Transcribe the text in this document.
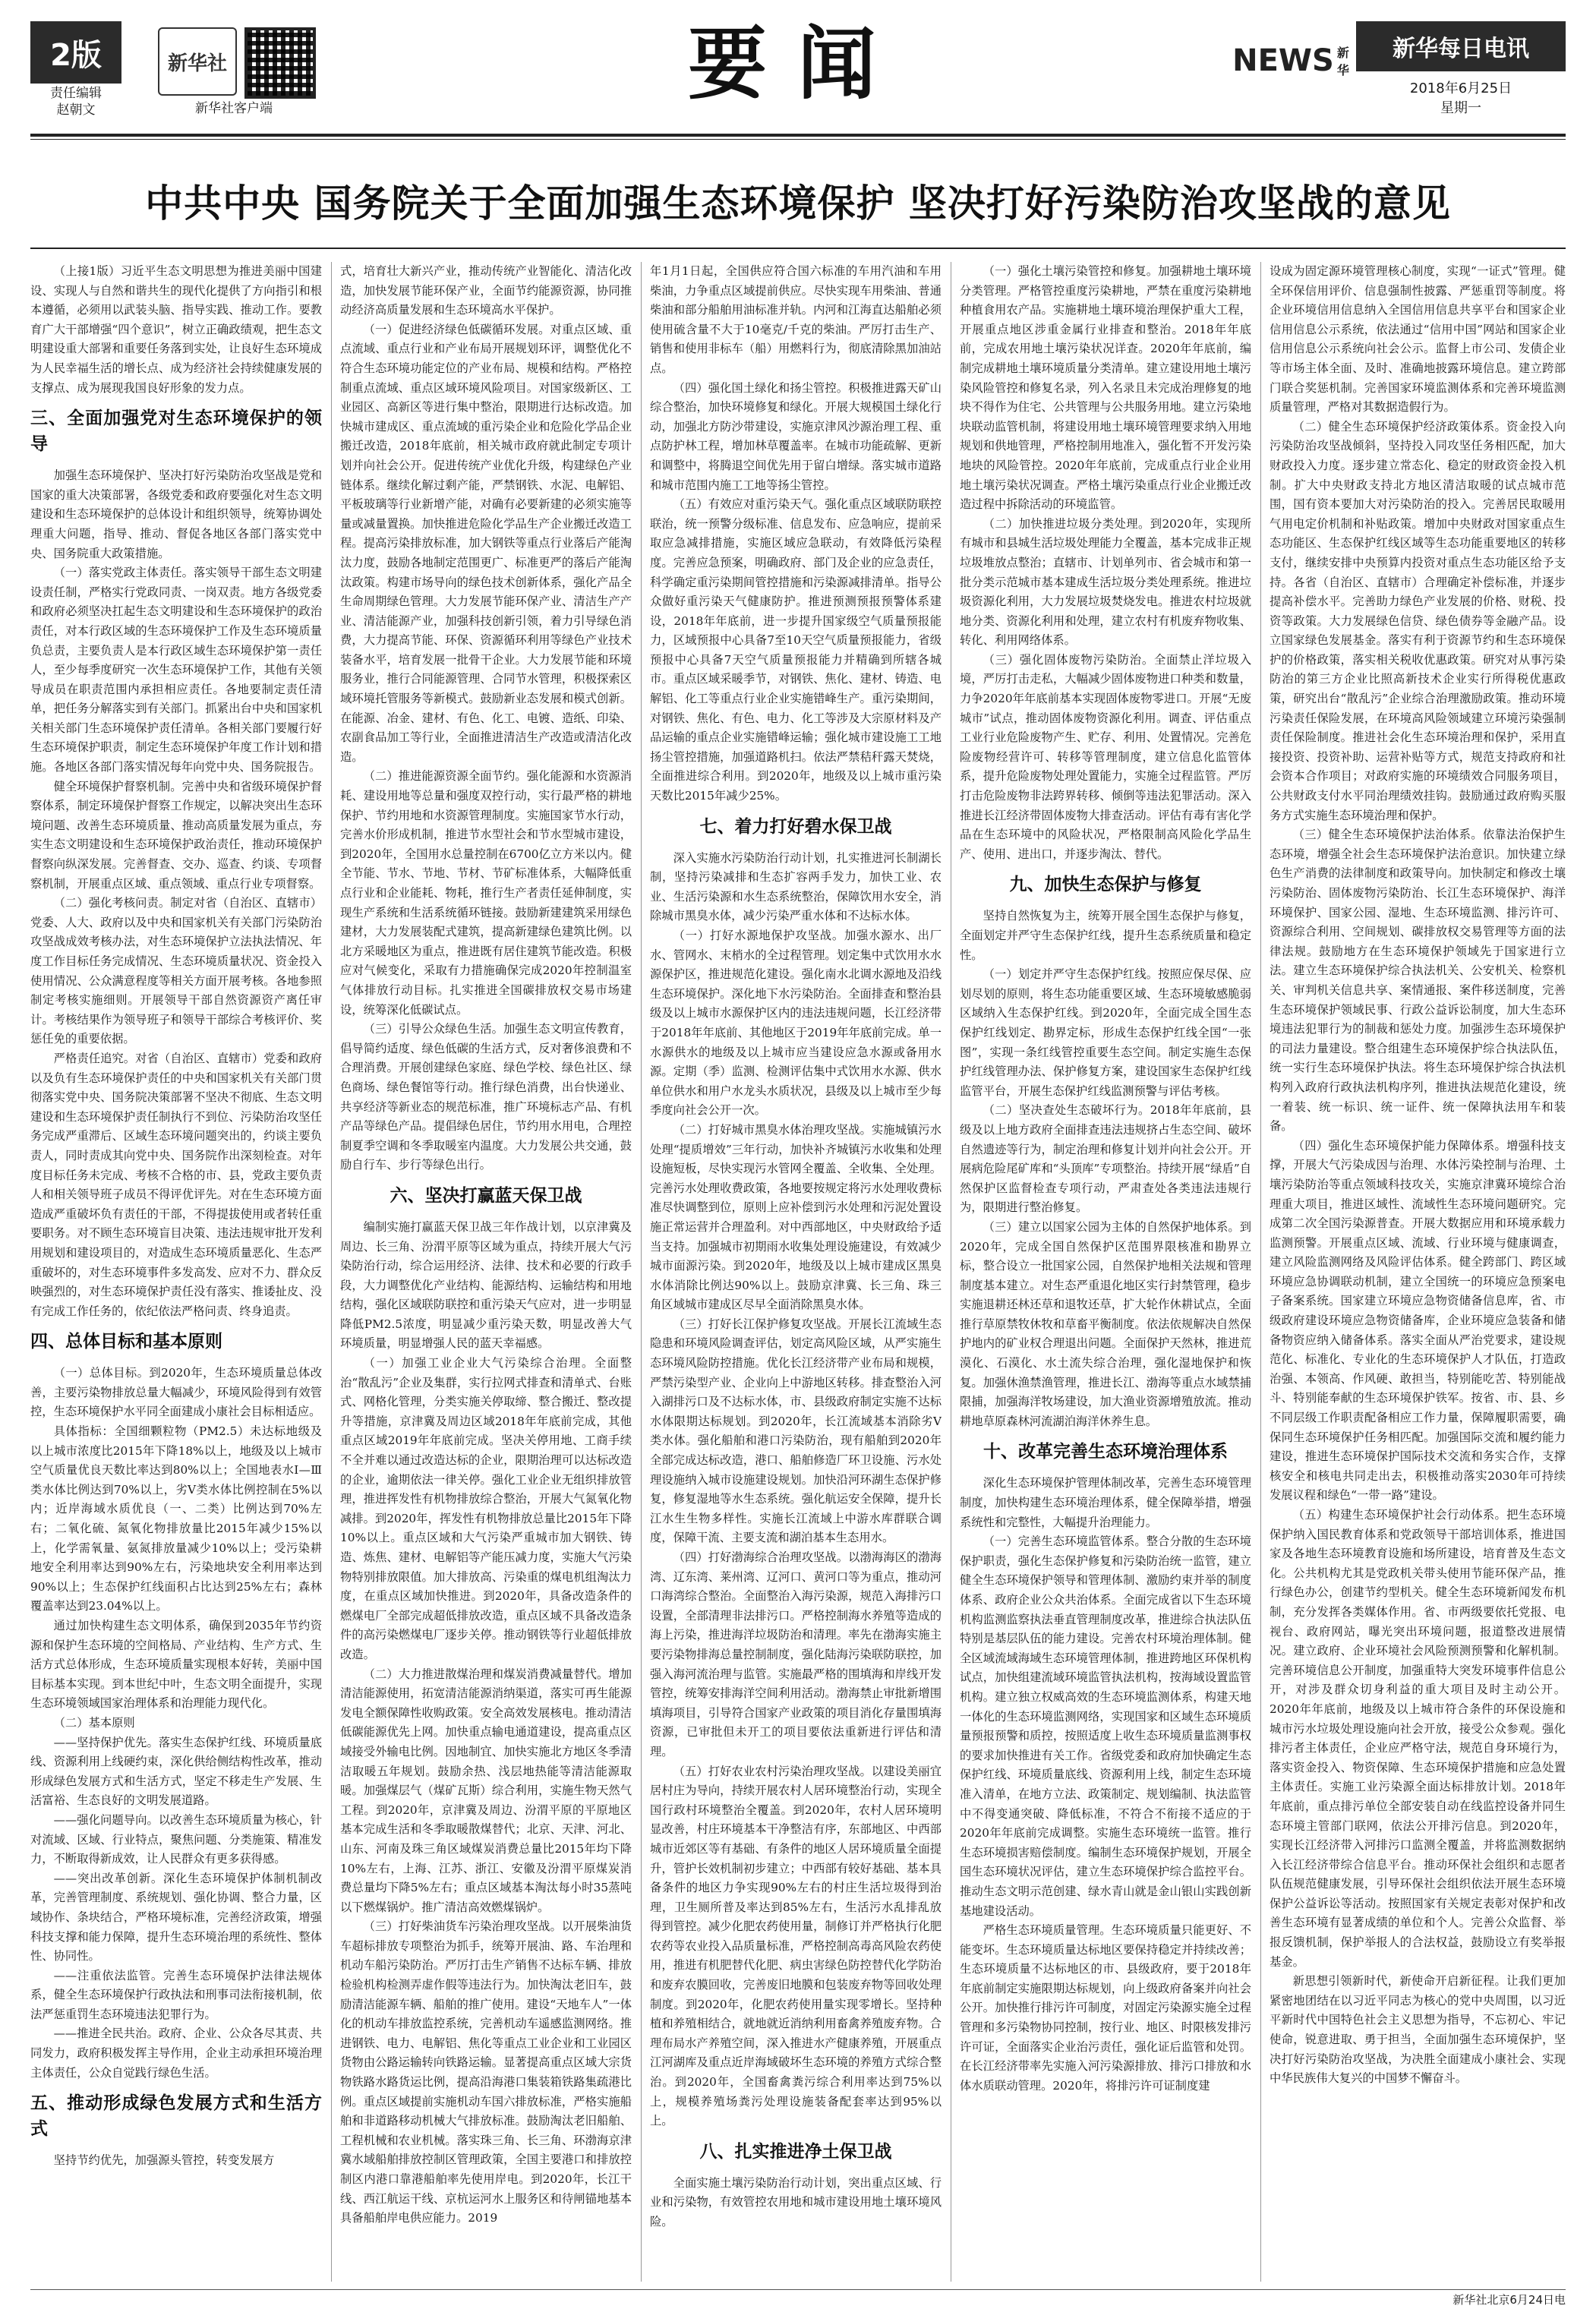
2版
责任编辑
赵朝文
新华社
新华社客户端	要闻	NEWS 新华
新华每日电讯
2018年6月25日
星期一
中共中央 国务院关于全面加强生态环境保护 坚决打好污染防治攻坚战的意见

（上接1版）习近平生态文明思想为推进美丽中国建设、实现人与自然和谐共生的现代化提供了方向指引和根本遵循，必须用以武装头脑、指导实践、推动工作。要教育广大干部增强“四个意识”，树立正确政绩观，把生态文明建设重大部署和重要任务落到实处，让良好生态环境成为人民幸福生活的增长点、成为经济社会持续健康发展的支撑点、成为展现我国良好形象的发力点。

三、全面加强党对生态环境保护的领导

加强生态环境保护、坚决打好污染防治攻坚战是党和国家的重大决策部署，各级党委和政府要强化对生态文明建设和生态环境保护的总体设计和组织领导，统筹协调处理重大问题，指导、推动、督促各地区各部门落实党中央、国务院重大政策措施。

（一）落实党政主体责任。落实领导干部生态文明建设责任制，严格实行党政同责、一岗双责。地方各级党委和政府必须坚决扛起生态文明建设和生态环境保护的政治责任，对本行政区域的生态环境保护工作及生态环境质量负总责，主要负责人是本行政区域生态环境保护第一责任人，至少每季度研究一次生态环境保护工作，其他有关领导成员在职责范围内承担相应责任。各地要制定责任清单，把任务分解落实到有关部门。抓紧出台中央和国家机关相关部门生态环境保护责任清单。各相关部门要履行好生态环境保护职责，制定生态环境保护年度工作计划和措施。各地区各部门落实情况每年向党中央、国务院报告。

健全环境保护督察机制。完善中央和省级环境保护督察体系，制定环境保护督察工作规定，以解决突出生态环境问题、改善生态环境质量、推动高质量发展为重点，夯实生态文明建设和生态环境保护政治责任，推动环境保护督察向纵深发展。完善督查、交办、巡查、约谈、专项督察机制，开展重点区域、重点领域、重点行业专项督察。

（二）强化考核问责。制定对省（自治区、直辖市）党委、人大、政府以及中央和国家机关有关部门污染防治攻坚战成效考核办法，对生态环境保护立法执法情况、年度工作目标任务完成情况、生态环境质量状况、资金投入使用情况、公众满意程度等相关方面开展考核。各地参照制定考核实施细则。开展领导干部自然资源资产离任审计。考核结果作为领导班子和领导干部综合考核评价、奖惩任免的重要依据。

严格责任追究。对省（自治区、直辖市）党委和政府以及负有生态环境保护责任的中央和国家机关有关部门贯彻落实党中央、国务院决策部署不坚决不彻底、生态文明建设和生态环境保护责任制执行不到位、污染防治攻坚任务完成严重滞后、区域生态环境问题突出的，约谈主要负责人，同时责成其向党中央、国务院作出深刻检查。对年度目标任务未完成、考核不合格的市、县，党政主要负责人和相关领导班子成员不得评优评先。对在生态环境方面造成严重破坏负有责任的干部，不得提拔使用或者转任重要职务。对不顾生态环境盲目决策、违法违规审批开发利用规划和建设项目的，对造成生态环境质量恶化、生态严重破坏的，对生态环境事件多发高发、应对不力、群众反映强烈的，对生态环境保护责任没有落实、推诿扯皮、没有完成工作任务的，依纪依法严格问责、终身追责。

四、总体目标和基本原则

（一）总体目标。到2020年，生态环境质量总体改善，主要污染物排放总量大幅减少，环境风险得到有效管控，生态环境保护水平同全面建成小康社会目标相适应。

具体指标：全国细颗粒物（PM2.5）未达标地级及以上城市浓度比2015年下降18%以上，地级及以上城市空气质量优良天数比率达到80%以上；全国地表水Ⅰ—Ⅲ类水体比例达到70%以上，劣Ⅴ类水体比例控制在5%以内；近岸海域水质优良（一、二类）比例达到70%左右；二氧化硫、氮氧化物排放量比2015年减少15%以上，化学需氧量、氨氮排放量减少10%以上；受污染耕地安全利用率达到90%左右，污染地块安全利用率达到90%以上；生态保护红线面积占比达到25%左右；森林覆盖率达到23.04%以上。

通过加快构建生态文明体系，确保到2035年节约资源和保护生态环境的空间格局、产业结构、生产方式、生活方式总体形成，生态环境质量实现根本好转，美丽中国目标基本实现。到本世纪中叶，生态文明全面提升，实现生态环境领域国家治理体系和治理能力现代化。

（二）基本原则

——坚持保护优先。落实生态保护红线、环境质量底线、资源利用上线硬约束，深化供给侧结构性改革，推动形成绿色发展方式和生活方式，坚定不移走生产发展、生活富裕、生态良好的文明发展道路。

——强化问题导向。以改善生态环境质量为核心，针对流域、区域、行业特点，聚焦问题、分类施策、精准发力，不断取得新成效，让人民群众有更多获得感。

——突出改革创新。深化生态环境保护体制机制改革，完善管理制度、系统规划、强化协调、整合力量，区域协作、条块结合，严格环境标准，完善经济政策，增强科技支撑和能力保障，提升生态环境治理的系统性、整体性、协同性。

——注重依法监管。完善生态环境保护法律法规体系，健全生态环境保护行政执法和刑事司法衔接机制，依法严惩重罚生态环境违法犯罪行为。

——推进全民共治。政府、企业、公众各尽其责、共同发力，政府积极发挥主导作用，企业主动承担环境治理主体责任，公众自觉践行绿色生活。

五、推动形成绿色发展方式和生活方式

坚持节约优先，加强源头管控，转变发展方

式，培育壮大新兴产业，推动传统产业智能化、清洁化改造，加快发展节能环保产业，全面节约能源资源，协同推动经济高质量发展和生态环境高水平保护。

（一）促进经济绿色低碳循环发展。对重点区域、重点流域、重点行业和产业布局开展规划环评，调整优化不符合生态环境功能定位的产业布局、规模和结构。严格控制重点流域、重点区域环境风险项目。对国家级新区、工业园区、高新区等进行集中整治，限期进行达标改造。加快城市建成区、重点流域的重污染企业和危险化学品企业搬迁改造，2018年底前，相关城市政府就此制定专项计划并向社会公开。促进传统产业优化升级，构建绿色产业链体系。继续化解过剩产能，严禁钢铁、水泥、电解铝、平板玻璃等行业新增产能，对确有必要新建的必须实施等量或减量置换。加快推进危险化学品生产企业搬迁改造工程。提高污染排放标准，加大钢铁等重点行业落后产能淘汰力度，鼓励各地制定范围更广、标准更严的落后产能淘汰政策。构建市场导向的绿色技术创新体系，强化产品全生命周期绿色管理。大力发展节能环保产业、清洁生产产业、清洁能源产业，加强科技创新引领，着力引导绿色消费，大力提高节能、环保、资源循环利用等绿色产业技术装备水平，培育发展一批骨干企业。大力发展节能和环境服务业，推行合同能源管理、合同节水管理，积极探索区域环境托管服务等新模式。鼓励新业态发展和模式创新。在能源、冶金、建材、有色、化工、电镀、造纸、印染、农副食品加工等行业，全面推进清洁生产改造或清洁化改造。

（二）推进能源资源全面节约。强化能源和水资源消耗、建设用地等总量和强度双控行动，实行最严格的耕地保护、节约用地和水资源管理制度。实施国家节水行动，完善水价形成机制，推进节水型社会和节水型城市建设，到2020年，全国用水总量控制在6700亿立方米以内。健全节能、节水、节地、节材、节矿标准体系，大幅降低重点行业和企业能耗、物耗，推行生产者责任延伸制度，实现生产系统和生活系统循环链接。鼓励新建建筑采用绿色建材，大力发展装配式建筑，提高新建绿色建筑比例。以北方采暖地区为重点，推进既有居住建筑节能改造。积极应对气候变化，采取有力措施确保完成2020年控制温室气体排放行动目标。扎实推进全国碳排放权交易市场建设，统筹深化低碳试点。

（三）引导公众绿色生活。加强生态文明宣传教育，倡导简约适度、绿色低碳的生活方式，反对奢侈浪费和不合理消费。开展创建绿色家庭、绿色学校、绿色社区、绿色商场、绿色餐馆等行动。推行绿色消费，出台快递业、共享经济等新业态的规范标准，推广环境标志产品、有机产品等绿色产品。提倡绿色居住，节约用水用电，合理控制夏季空调和冬季取暖室内温度。大力发展公共交通，鼓励自行车、步行等绿色出行。

六、坚决打赢蓝天保卫战

编制实施打赢蓝天保卫战三年作战计划，以京津冀及周边、长三角、汾渭平原等区域为重点，持续开展大气污染防治行动，综合运用经济、法律、技术和必要的行政手段，大力调整优化产业结构、能源结构、运输结构和用地结构，强化区域联防联控和重污染天气应对，进一步明显降低PM2.5浓度，明显减少重污染天数，明显改善大气环境质量，明显增强人民的蓝天幸福感。

（一）加强工业企业大气污染综合治理。全面整治“散乱污”企业及集群，实行拉网式排查和清单式、台账式、网格化管理，分类实施关停取缔、整合搬迁、整改提升等措施，京津冀及周边区域2018年年底前完成，其他重点区域2019年年底前完成。坚决关停用地、工商手续不全并难以通过改造达标的企业，限期治理可以达标改造的企业，逾期依法一律关停。强化工业企业无组织排放管理，推进挥发性有机物排放综合整治，开展大气氮氧化物减排。到2020年，挥发性有机物排放总量比2015年下降10%以上。重点区域和大气污染严重城市加大钢铁、铸造、炼焦、建材、电解铝等产能压减力度，实施大气污染物特别排放限值。加大排放高、污染重的煤电机组淘汰力度，在重点区域加快推进。到2020年，具备改造条件的燃煤电厂全部完成超低排放改造，重点区域不具备改造条件的高污染燃煤电厂逐步关停。推动钢铁等行业超低排放改造。

（二）大力推进散煤治理和煤炭消费减量替代。增加清洁能源使用，拓宽清洁能源消纳渠道，落实可再生能源发电全额保障性收购政策。安全高效发展核电。推动清洁低碳能源优先上网。加快重点输电通道建设，提高重点区域接受外输电比例。因地制宜、加快实施北方地区冬季清洁取暖五年规划。鼓励余热、浅层地热能等清洁能源取暖。加强煤层气（煤矿瓦斯）综合利用，实施生物天然气工程。到2020年，京津冀及周边、汾渭平原的平原地区基本完成生活和冬季取暖散煤替代；北京、天津、河北、山东、河南及珠三角区域煤炭消费总量比2015年均下降10%左右，上海、江苏、浙江、安徽及汾渭平原煤炭消费总量均下降5%左右；重点区域基本淘汰每小时35蒸吨以下燃煤锅炉。推广清洁高效燃煤锅炉。

（三）打好柴油货车污染治理攻坚战。以开展柴油货车超标排放专项整治为抓手，统筹开展油、路、车治理和机动车船污染防治。严厉打击生产销售不达标车辆、排放检验机构检测弄虚作假等违法行为。加快淘汰老旧车，鼓励清洁能源车辆、船舶的推广使用。建设“天地车人”一体化的机动车排放监控系统，完善机动车遥感监测网络。推进钢铁、电力、电解铝、焦化等重点工业企业和工业园区货物由公路运输转向铁路运输。显著提高重点区域大宗货物铁路水路货运比例，提高沿海港口集装箱铁路集疏港比例。重点区域提前实施机动车国六排放标准，严格实施船舶和非道路移动机械大气排放标准。鼓励淘汰老旧船舶、工程机械和农业机械。落实珠三角、长三角、环渤海京津冀水域船舶排放控制区管理政策，全国主要港口和排放控制区内港口靠港船舶率先使用岸电。到2020年，长江干线、西江航运干线、京杭运河水上服务区和待闸锚地基本具备船舶岸电供应能力。2019

年1月1日起，全国供应符合国六标准的车用汽油和车用柴油，力争重点区域提前供应。尽快实现车用柴油、普通柴油和部分船舶用油标准并轨。内河和江海直达船舶必须使用硫含量不大于10毫克/千克的柴油。严厉打击生产、销售和使用非标车（船）用燃料行为，彻底清除黑加油站点。

（四）强化国土绿化和扬尘管控。积极推进露天矿山综合整治，加快环境修复和绿化。开展大规模国土绿化行动，加强北方防沙带建设，实施京津风沙源治理工程、重点防护林工程，增加林草覆盖率。在城市功能疏解、更新和调整中，将腾退空间优先用于留白增绿。落实城市道路和城市范围内施工工地等扬尘管控。

（五）有效应对重污染天气。强化重点区域联防联控联治，统一预警分级标准、信息发布、应急响应，提前采取应急减排措施，实施区域应急联动，有效降低污染程度。完善应急预案，明确政府、部门及企业的应急责任，科学确定重污染期间管控措施和污染源减排清单。指导公众做好重污染天气健康防护。推进预测预报预警体系建设，2018年年底前，进一步提升国家级空气质量预报能力，区域预报中心具备7至10天空气质量预报能力，省级预报中心具备7天空气质量预报能力并精确到所辖各城市。重点区域采暖季节，对钢铁、焦化、建材、铸造、电解铝、化工等重点行业企业实施错峰生产。重污染期间，对钢铁、焦化、有色、电力、化工等涉及大宗原材料及产品运输的重点企业实施错峰运输；强化城市建设施工工地扬尘管控措施，加强道路机扫。依法严禁秸秆露天焚烧，全面推进综合利用。到2020年，地级及以上城市重污染天数比2015年减少25%。

七、着力打好碧水保卫战

深入实施水污染防治行动计划，扎实推进河长制湖长制，坚持污染减排和生态扩容两手发力，加快工业、农业、生活污染源和水生态系统整治，保障饮用水安全，消除城市黑臭水体，减少污染严重水体和不达标水体。

（一）打好水源地保护攻坚战。加强水源水、出厂水、管网水、末梢水的全过程管理。划定集中式饮用水水源保护区，推进规范化建设。强化南水北调水源地及沿线生态环境保护。深化地下水污染防治。全面排查和整治县级及以上城市水源保护区内的违法违规问题，长江经济带于2018年年底前、其他地区于2019年年底前完成。单一水源供水的地级及以上城市应当建设应急水源或备用水源。定期（季）监测、检测评估集中式饮用水水源、供水单位供水和用户水龙头水质状况，县级及以上城市至少每季度向社会公开一次。

（二）打好城市黑臭水体治理攻坚战。实施城镇污水处理“提质增效”三年行动，加快补齐城镇污水收集和处理设施短板，尽快实现污水管网全覆盖、全收集、全处理。完善污水处理收费政策，各地要按规定将污水处理收费标准尽快调整到位，原则上应补偿到污水处理和污泥处置设施正常运营并合理盈利。对中西部地区，中央财政给予适当支持。加强城市初期雨水收集处理设施建设，有效减少城市面源污染。到2020年，地级及以上城市建成区黑臭水体消除比例达90%以上。鼓励京津冀、长三角、珠三角区域城市建成区尽早全面消除黑臭水体。

（三）打好长江保护修复攻坚战。开展长江流域生态隐患和环境风险调查评估，划定高风险区域，从严实施生态环境风险防控措施。优化长江经济带产业布局和规模，严禁污染型产业、企业向上中游地区转移。排查整治入河入湖排污口及不达标水体，市、县级政府制定实施不达标水体限期达标规划。到2020年，长江流域基本消除劣Ⅴ类水体。强化船舶和港口污染防治，现有船舶到2020年全部完成达标改造，港口、船舶修造厂环卫设施、污水处理设施纳入城市设施建设规划。加快沿河环湖生态保护修复，修复湿地等水生态系统。强化航运安全保障，提升长江水生生物多样性。实施长江流域上中游水库群联合调度，保障干流、主要支流和湖泊基本生态用水。

（四）打好渤海综合治理攻坚战。以渤海海区的渤海湾、辽东湾、莱州湾、辽河口、黄河口等为重点，推动河口海湾综合整治。全面整治入海污染源，规范入海排污口设置，全部清理非法排污口。严格控制海水养殖等造成的海上污染，推进海洋垃圾防治和清理。率先在渤海实施主要污染物排海总量控制制度，强化陆海污染联防联控，加强入海河流治理与监管。实施最严格的围填海和岸线开发管控，统筹安排海洋空间利用活动。渤海禁止审批新增围填海项目，引导符合国家产业政策的项目消化存量围填海资源，已审批但未开工的项目要依法重新进行评估和清理。

（五）打好农业农村污染治理攻坚战。以建设美丽宜居村庄为导向，持续开展农村人居环境整治行动，实现全国行政村环境整治全覆盖。到2020年，农村人居环境明显改善，村庄环境基本干净整洁有序，东部地区、中西部城市近郊区等有基础、有条件的地区人居环境质量全面提升，管护长效机制初步建立；中西部有较好基础、基本具备条件的地区力争实现90%左右的村庄生活垃圾得到治理，卫生厕所普及率达到85%左右，生活污水乱排乱放得到管控。减少化肥农药使用量，制修订并严格执行化肥农药等农业投入品质量标准，严格控制高毒高风险农药使用，推进有机肥替代化肥、病虫害绿色防控替代化学防治和废弃农膜回收，完善废旧地膜和包装废弃物等回收处理制度。到2020年，化肥农药使用量实现零增长。坚持种植和养殖相结合，就地就近消纳利用畜禽养殖废弃物。合理布局水产养殖空间，深入推进水产健康养殖，开展重点江河湖库及重点近岸海域破坏生态环境的养殖方式综合整治。到2020年，全国畜禽粪污综合利用率达到75%以上，规模养殖场粪污处理设施装备配套率达到95%以上。

八、扎实推进净土保卫战

全面实施土壤污染防治行动计划，突出重点区域、行业和污染物，有效管控农用地和城市建设用地土壤环境风险。

（一）强化土壤污染管控和修复。加强耕地土壤环境分类管理。严格管控重度污染耕地，严禁在重度污染耕地种植食用农产品。实施耕地土壤环境治理保护重大工程，开展重点地区涉重金属行业排查和整治。2018年年底前，完成农用地土壤污染状况详查。2020年年底前，编制完成耕地土壤环境质量分类清单。建立建设用地土壤污染风险管控和修复名录，列入名录且未完成治理修复的地块不得作为住宅、公共管理与公共服务用地。建立污染地块联动监管机制，将建设用地土壤环境管理要求纳入用地规划和供地管理，严格控制用地准入，强化暂不开发污染地块的风险管控。2020年年底前，完成重点行业企业用地土壤污染状况调查。严格土壤污染重点行业企业搬迁改造过程中拆除活动的环境监管。

（二）加快推进垃圾分类处理。到2020年，实现所有城市和县城生活垃圾处理能力全覆盖，基本完成非正规垃圾堆放点整治；直辖市、计划单列市、省会城市和第一批分类示范城市基本建成生活垃圾分类处理系统。推进垃圾资源化利用，大力发展垃圾焚烧发电。推进农村垃圾就地分类、资源化利用和处理，建立农村有机废弃物收集、转化、利用网络体系。

（三）强化固体废物污染防治。全面禁止洋垃圾入境，严厉打击走私，大幅减少固体废物进口种类和数量，力争2020年年底前基本实现固体废物零进口。开展“无废城市”试点，推动固体废物资源化利用。调查、评估重点工业行业危险废物产生、贮存、利用、处置情况。完善危险废物经营许可、转移等管理制度，建立信息化监管体系，提升危险废物处理处置能力，实施全过程监管。严厉打击危险废物非法跨界转移、倾倒等违法犯罪活动。深入推进长江经济带固体废物大排查活动。评估有毒有害化学品在生态环境中的风险状况，严格限制高风险化学品生产、使用、进出口，并逐步淘汰、替代。

九、加快生态保护与修复

坚持自然恢复为主，统筹开展全国生态保护与修复，全面划定并严守生态保护红线，提升生态系统质量和稳定性。

（一）划定并严守生态保护红线。按照应保尽保、应划尽划的原则，将生态功能重要区域、生态环境敏感脆弱区域纳入生态保护红线。到2020年，全面完成全国生态保护红线划定、勘界定标，形成生态保护红线全国“一张图”，实现一条红线管控重要生态空间。制定实施生态保护红线管理办法、保护修复方案，建设国家生态保护红线监管平台，开展生态保护红线监测预警与评估考核。

（二）坚决查处生态破坏行为。2018年年底前，县级及以上地方政府全面排查违法违规挤占生态空间、破坏自然遗迹等行为，制定治理和修复计划并向社会公开。开展病危险尾矿库和“头顶库”专项整治。持续开展“绿盾”自然保护区监督检查专项行动，严肃查处各类违法违规行为，限期进行整治修复。

（三）建立以国家公园为主体的自然保护地体系。到2020年，完成全国自然保护区范围界限核准和勘界立标，整合设立一批国家公园，自然保护地相关法规和管理制度基本建立。对生态严重退化地区实行封禁管理，稳步实施退耕还林还草和退牧还草，扩大轮作休耕试点，全面推行草原禁牧休牧和草畜平衡制度。依法依规解决自然保护地内的矿业权合理退出问题。全面保护天然林，推进荒漠化、石漠化、水土流失综合治理，强化湿地保护和恢复。加强休渔禁渔管理，推进长江、渤海等重点水域禁捕限捕，加强海洋牧场建设，加大渔业资源增殖放流。推动耕地草原森林河流湖泊海洋休养生息。

十、改革完善生态环境治理体系

深化生态环境保护管理体制改革，完善生态环境管理制度，加快构建生态环境治理体系，健全保障举措，增强系统性和完整性，大幅提升治理能力。

（一）完善生态环境监管体系。整合分散的生态环境保护职责，强化生态保护修复和污染防治统一监管，建立健全生态环境保护领导和管理体制、激励约束并举的制度体系、政府企业公众共治体系。全面完成省以下生态环境机构监测监察执法垂直管理制度改革，推进综合执法队伍特别是基层队伍的能力建设。完善农村环境治理体制。健全区域流域海域生态环境管理体制，推进跨地区环保机构试点，加快组建流域环境监管执法机构，按海域设置监管机构。建立独立权威高效的生态环境监测体系，构建天地一体化的生态环境监测网络，实现国家和区域生态环境质量预报预警和质控，按照适度上收生态环境质量监测事权的要求加快推进有关工作。省级党委和政府加快确定生态保护红线、环境质量底线、资源利用上线，制定生态环境准入清单，在地方立法、政策制定、规划编制、执法监管中不得变通突破、降低标准，不符合不衔接不适应的于2020年年底前完成调整。实施生态环境统一监管。推行生态环境损害赔偿制度。编制生态环境保护规划，开展全国生态环境状况评估，建立生态环境保护综合监控平台。推动生态文明示范创建、绿水青山就是金山银山实践创新基地建设活动。

严格生态环境质量管理。生态环境质量只能更好、不能变坏。生态环境质量达标地区要保持稳定并持续改善；生态环境质量不达标地区的市、县级政府，要于2018年年底前制定实施限期达标规划，向上级政府备案并向社会公开。加快推行排污许可制度，对固定污染源实施全过程管理和多污染物协同控制，按行业、地区、时限核发排污许可证，全面落实企业治污责任，强化证后监管和处罚。在长江经济带率先实施入河污染源排放、排污口排放和水体水质联动管理。2020年，将排污许可证制度建

设成为固定源环境管理核心制度，实现“一证式”管理。健全环保信用评价、信息强制性披露、严惩重罚等制度。将企业环境信用信息纳入全国信用信息共享平台和国家企业信用信息公示系统，依法通过“信用中国”网站和国家企业信用信息公示系统向社会公示。监督上市公司、发债企业等市场主体全面、及时、准确地披露环境信息。建立跨部门联合奖惩机制。完善国家环境监测体系和完善环境监测质量管理，严格对其数据造假行为。

（二）健全生态环境保护经济政策体系。资金投入向污染防治攻坚战倾斜，坚持投入同攻坚任务相匹配，加大财政投入力度。逐步建立常态化、稳定的财政资金投入机制。扩大中央财政支持北方地区清洁取暖的试点城市范围，国有资本要加大对污染防治的投入。完善居民取暖用气用电定价机制和补贴政策。增加中央财政对国家重点生态功能区、生态保护红线区域等生态功能重要地区的转移支付，继续安排中央预算内投资对重点生态功能区给予支持。各省（自治区、直辖市）合理确定补偿标准，并逐步提高补偿水平。完善助力绿色产业发展的价格、财税、投资等政策。大力发展绿色信贷、绿色债券等金融产品。设立国家绿色发展基金。落实有利于资源节约和生态环境保护的价格政策，落实相关税收优惠政策。研究对从事污染防治的第三方企业比照高新技术企业实行所得税优惠政策，研究出台“散乱污”企业综合治理激励政策。推动环境污染责任保险发展，在环境高风险领域建立环境污染强制责任保险制度。推进社会化生态环境治理和保护，采用直接投资、投资补助、运营补贴等方式，规范支持政府和社会资本合作项目；对政府实施的环境绩效合同服务项目，公共财政支付水平同治理绩效挂钩。鼓励通过政府购买服务方式实施生态环境治理和保护。

（三）健全生态环境保护法治体系。依靠法治保护生态环境，增强全社会生态环境保护法治意识。加快建立绿色生产消费的法律制度和政策导向。加快制定和修改土壤污染防治、固体废物污染防治、长江生态环境保护、海洋环境保护、国家公园、湿地、生态环境监测、排污许可、资源综合利用、空间规划、碳排放权交易管理等方面的法律法规。鼓励地方在生态环境保护领域先于国家进行立法。建立生态环境保护综合执法机关、公安机关、检察机关、审判机关信息共享、案情通报、案件移送制度，完善生态环境保护领域民事、行政公益诉讼制度，加大生态环境违法犯罪行为的制裁和惩处力度。加强涉生态环境保护的司法力量建设。整合组建生态环境保护综合执法队伍，统一实行生态环境保护执法。将生态环境保护综合执法机构列入政府行政执法机构序列，推进执法规范化建设，统一着装、统一标识、统一证件、统一保障执法用车和装备。

（四）强化生态环境保护能力保障体系。增强科技支撑，开展大气污染成因与治理、水体污染控制与治理、土壤污染防治等重点领域科技攻关，实施京津冀环境综合治理重大项目，推进区域性、流域性生态环境问题研究。完成第二次全国污染源普查。开展大数据应用和环境承载力监测预警。开展重点区域、流域、行业环境与健康调查，建立风险监测网络及风险评估体系。健全跨部门、跨区域环境应急协调联动机制，建立全国统一的环境应急预案电子备案系统。国家建立环境应急物资储备信息库，省、市级政府建设环境应急物资储备库，企业环境应急装备和储备物资应纳入储备体系。落实全面从严治党要求，建设规范化、标准化、专业化的生态环境保护人才队伍，打造政治强、本领高、作风硬、敢担当，特别能吃苦、特别能战斗、特别能奉献的生态环境保护铁军。按省、市、县、乡不同层级工作职责配备相应工作力量，保障履职需要，确保同生态环境保护任务相匹配。加强国际交流和履约能力建设，推进生态环境保护国际技术交流和务实合作，支撑核安全和核电共同走出去，积极推动落实2030年可持续发展议程和绿色“一带一路”建设。

（五）构建生态环境保护社会行动体系。把生态环境保护纳入国民教育体系和党政领导干部培训体系，推进国家及各地生态环境教育设施和场所建设，培育普及生态文化。公共机构尤其是党政机关带头使用节能环保产品，推行绿色办公，创建节约型机关。健全生态环境新闻发布机制，充分发挥各类媒体作用。省、市两级要依托党报、电视台、政府网站，曝光突出环境问题，报道整改进展情况。建立政府、企业环境社会风险预测预警和化解机制。完善环境信息公开制度，加强重特大突发环境事件信息公开，对涉及群众切身利益的重大项目及时主动公开。2020年年底前，地级及以上城市符合条件的环保设施和城市污水垃圾处理设施向社会开放，接受公众参观。强化排污者主体责任，企业应严格守法，规范自身环境行为，落实资金投入、物资保障、生态环境保护措施和应急处置主体责任。实施工业污染源全面达标排放计划。2018年年底前，重点排污单位全部安装自动在线监控设备并同生态环境主管部门联网，依法公开排污信息。到2020年，实现长江经济带入河排污口监测全覆盖，并将监测数据纳入长江经济带综合信息平台。推动环保社会组织和志愿者队伍规范健康发展，引导环保社会组织依法开展生态环境保护公益诉讼等活动。按照国家有关规定表彰对保护和改善生态环境有显著成绩的单位和个人。完善公众监督、举报反馈机制，保护举报人的合法权益，鼓励设立有奖举报基金。

新思想引领新时代，新使命开启新征程。让我们更加紧密地团结在以习近平同志为核心的党中央周围，以习近平新时代中国特色社会主义思想为指导，不忘初心、牢记使命，锐意进取、勇于担当，全面加强生态环境保护，坚决打好污染防治攻坚战，为决胜全面建成小康社会、实现中华民族伟大复兴的中国梦不懈奋斗。

新华社北京6月24日电
